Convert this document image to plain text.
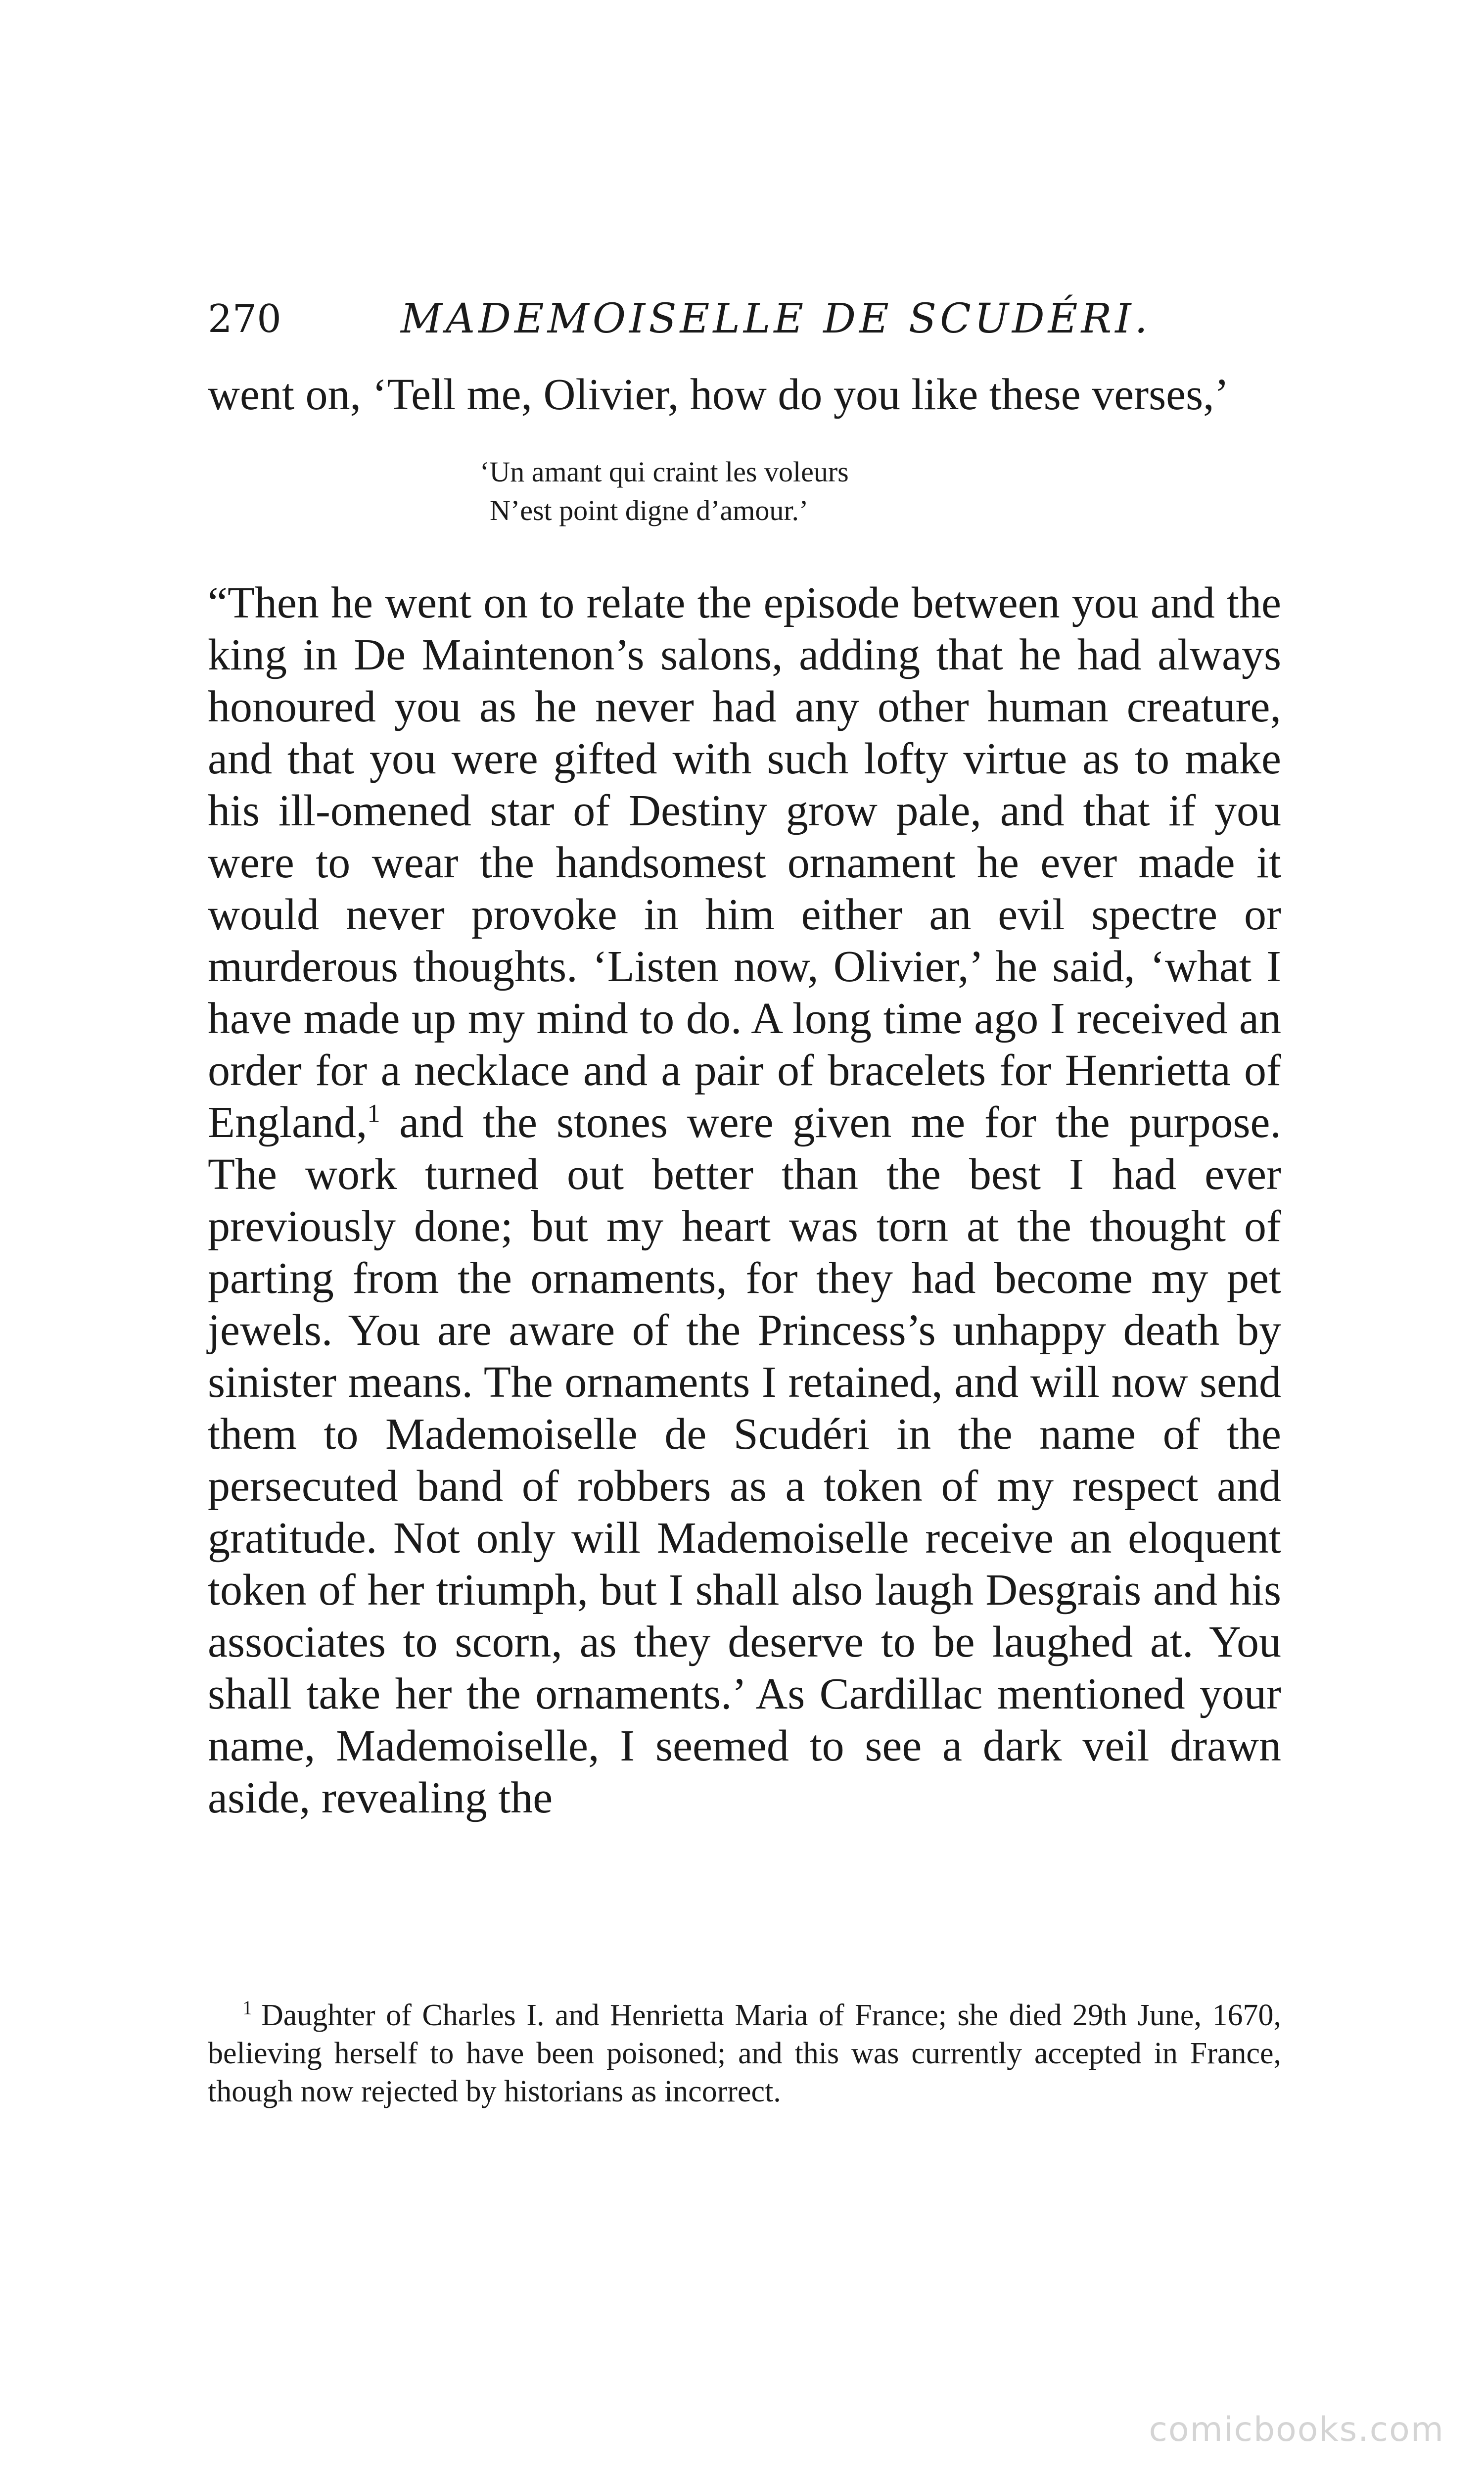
270	MADEMOISELLE DE SCUDÉRI.

went on, ‘Tell me, Olivier, how do you like these verses,’

‘Un amant qui craint les voleurs
N’est point digne d’amour.’

“Then he went on to relate the episode between you and the king in De Maintenon’s salons, adding that he had always honoured you as he never had any other human creature, and that you were gifted with such lofty virtue as to make his ill-omened star of Destiny grow pale, and that if you were to wear the handsomest ornament he ever made it would never provoke in him either an evil spectre or murderous thoughts. ‘Listen now, Olivier,’ he said, ‘what I have made up my mind to do. A long time ago I received an order for a necklace and a pair of bracelets for Henrietta of England,$^1$ and the stones were given me for the purpose. The work turned out better than the best I had ever previously done; but my heart was torn at the thought of parting from the ornaments, for they had become my pet jewels. You are aware of the Princess’s unhappy death by sinister means. The ornaments I retained, and will now send them to Mademoiselle de Scudéri in the name of the persecuted band of robbers as a token of my respect and gratitude. Not only will Mademoiselle receive an eloquent token of her triumph, but I shall also laugh Desgrais and his associates to scorn, as they deserve to be laughed at. You shall take her the ornaments.’ As Cardillac mentioned your name, Mademoiselle, I seemed to see a dark veil drawn aside, revealing the

$^1$ Daughter of Charles I. and Henrietta Maria of France; she died 29th June, 1670, believing herself to have been poisoned; and this was currently accepted in France, though now rejected by historians as incorrect.
comicbooks.com
